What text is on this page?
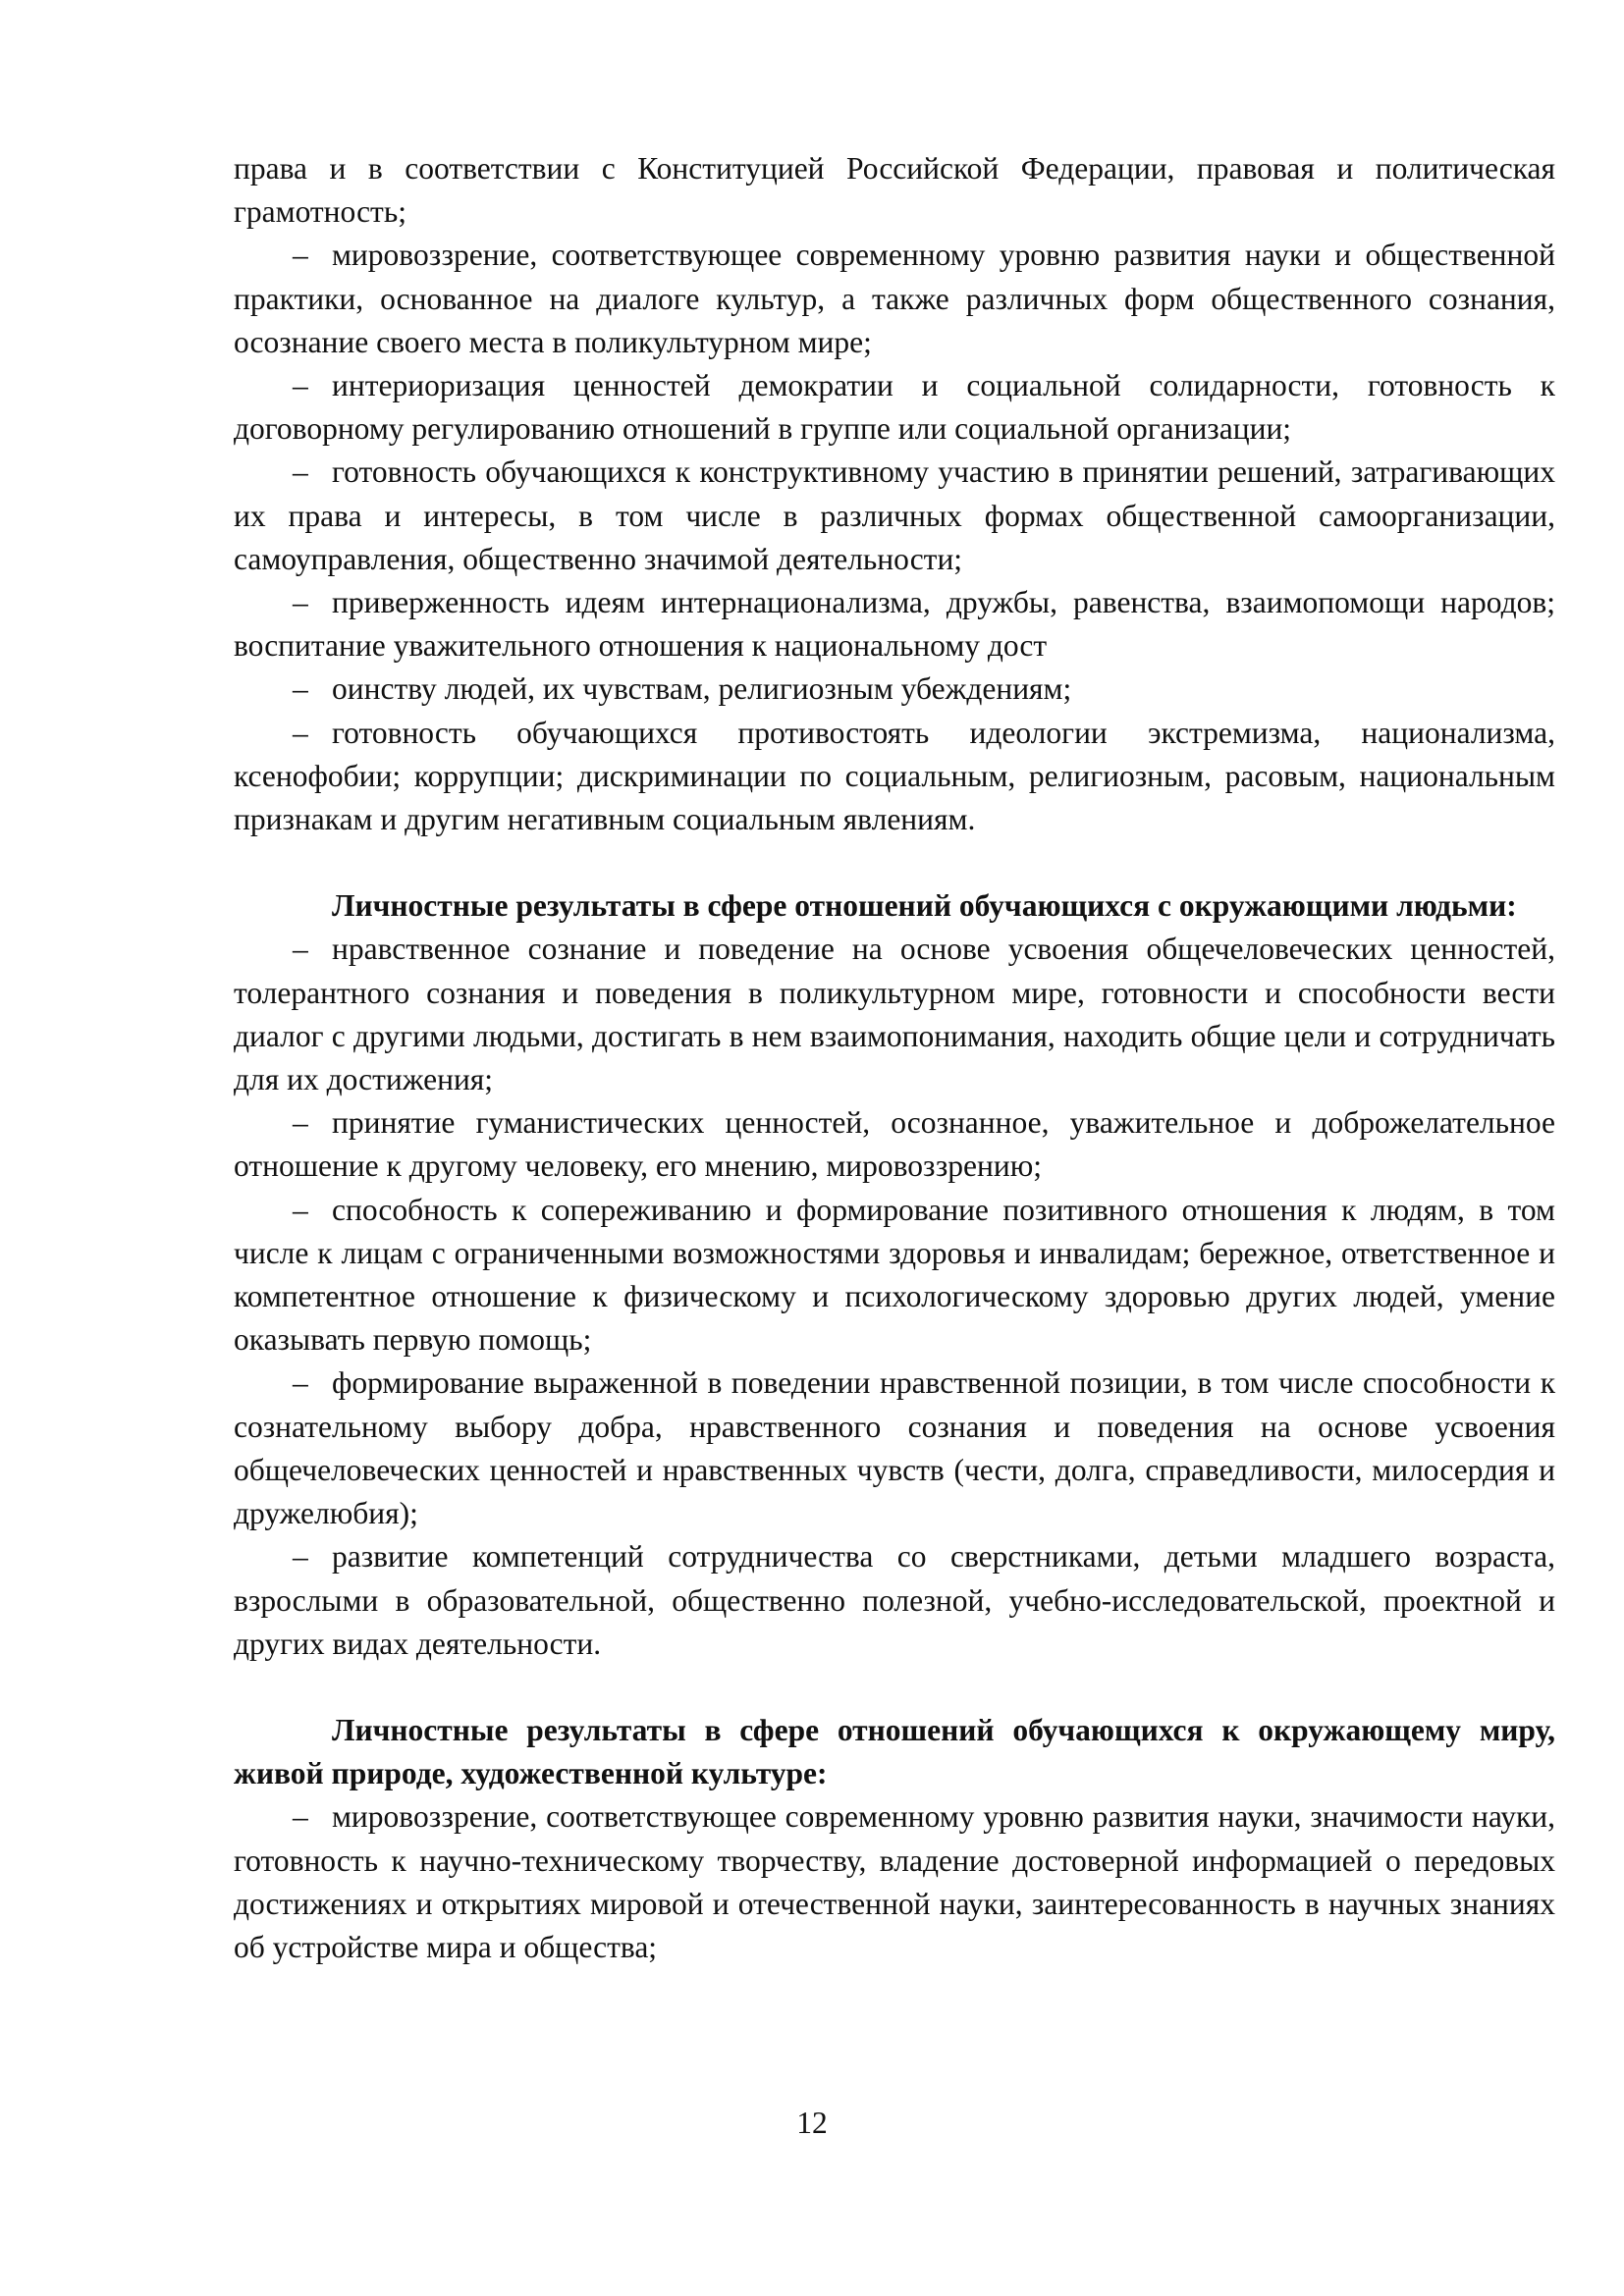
права и в соответствии с Конституцией Российской Федерации, правовая и политическая грамотность;

– мировоззрение, соответствующее современному уровню развития науки и общественной практики, основанное на диалоге культур, а также различных форм общественного сознания, осознание своего места в поликультурном мире;

– интериоризация ценностей демократии и социальной солидарности, готовность к договорному регулированию отношений в группе или социальной организации;

– готовность обучающихся к конструктивному участию в принятии решений, затрагивающих их права и интересы, в том числе в различных формах общественной самоорганизации, самоуправления, общественно значимой деятельности;

– приверженность идеям интернационализма, дружбы, равенства, взаимопомощи народов; воспитание уважительного отношения к национальному дост

– оинству людей, их чувствам, религиозным убеждениям;

– готовность обучающихся противостоять идеологии экстремизма, национализма, ксенофобии; коррупции; дискриминации по социальным, религиозным, расовым, национальным признакам и другим негативным социальным явлениям.

Личностные результаты в сфере отношений обучающихся с окружающими людьми:

– нравственное сознание и поведение на основе усвоения общечеловеческих ценностей, толерантного сознания и поведения в поликультурном мире, готовности и способности вести диалог с другими людьми, достигать в нем взаимопонимания, находить общие цели и сотрудничать для их достижения;

– принятие гуманистических ценностей, осознанное, уважительное и доброжелательное отношение к другому человеку, его мнению, мировоззрению;

– способность к сопереживанию и формирование позитивного отношения к людям, в том числе к лицам с ограниченными возможностями здоровья и инвалидам; бережное, ответственное и компетентное отношение к физическому и психологическому здоровью других людей, умение оказывать первую помощь;

– формирование выраженной в поведении нравственной позиции, в том числе способности к сознательному выбору добра, нравственного сознания и поведения на основе усвоения общечеловеческих ценностей и нравственных чувств (чести, долга, справедливости, милосердия и дружелюбия);

– развитие компетенций сотрудничества со сверстниками, детьми младшего возраста, взрослыми в образовательной, общественно полезной, учебно-исследовательской, проектной и других видах деятельности.

Личностные результаты в сфере отношений обучающихся к окружающему миру, живой природе, художественной культуре:

– мировоззрение, соответствующее современному уровню развития науки, значимости науки, готовность к научно-техническому творчеству, владение достоверной информацией о передовых достижениях и открытиях мировой и отечественной науки, заинтересованность в научных знаниях об устройстве мира и общества;

12
